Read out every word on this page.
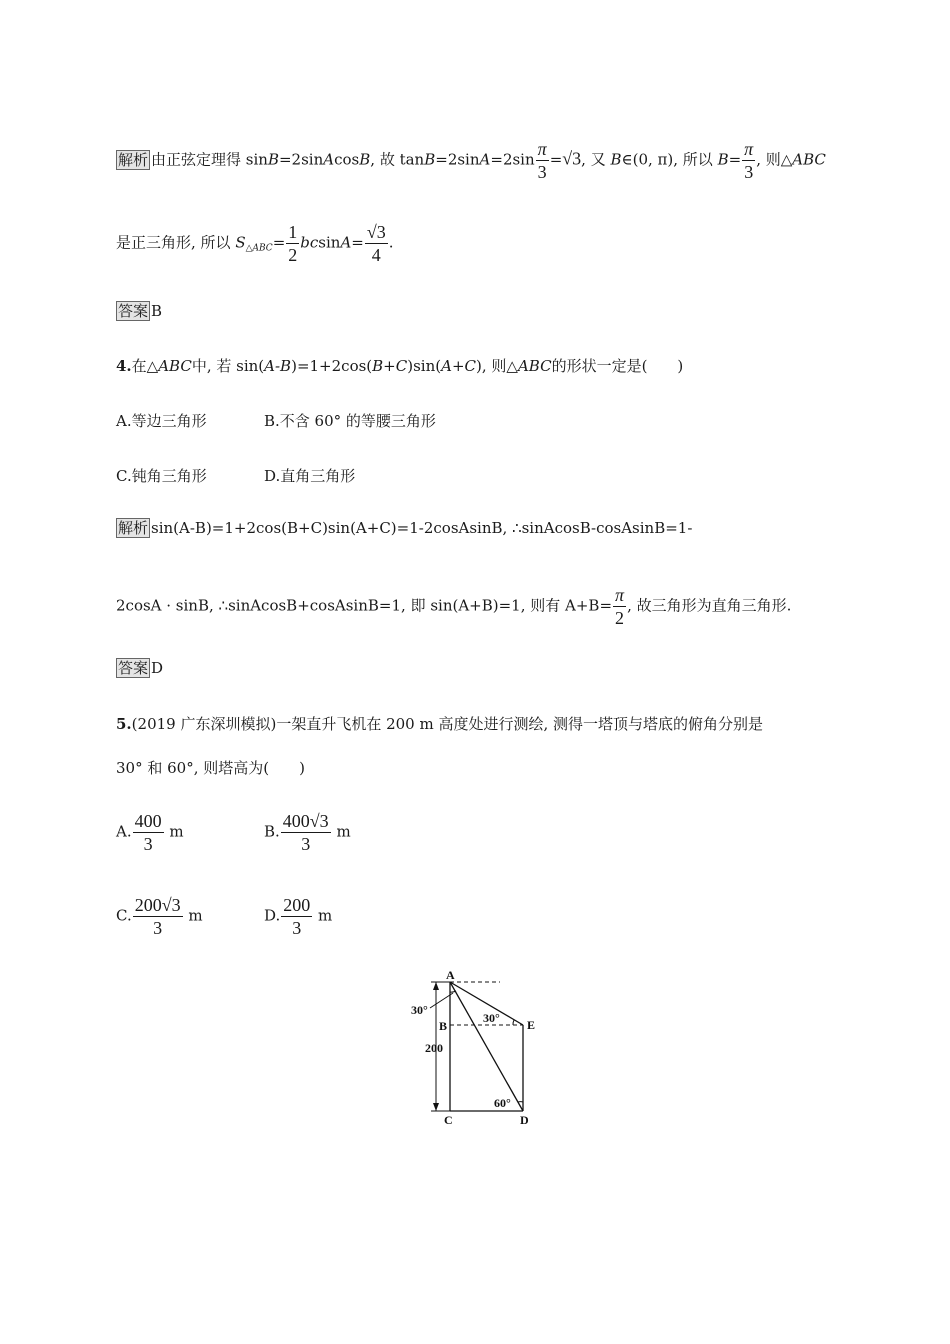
解析 由正弦定理得 sinB=2sinAcosB, 故 $\tan B=2\sin A=2\sin \frac{\pi}{3} =√3$, 又 B∈(0, π), 所以 $B= \frac{\pi}{3}$ , 则△ABC
是正三角形, 所以 $S_{\triangle ABC}= \frac{1}{2} bcsinA= \frac{√3}{4}$ .
答案 B
4.在△ABC中, 若 sin(A-B)=1+2cos(B+C)sin(A+C), 则△ABC的形状一定是(　　)
A.等边三角形	B.不含 60° 的等腰三角形
C.钝角三角形	D.直角三角形
解析 sin(A-B)=1+2cos(B+C)sin(A+C)=1-2cosAsinB, ∴sinAcosB-cosAsinB=1-
2cosA · sinB, ∴sinAcosB+cosAsinB=1, 即 sin(A+B)=1, 则有 $A+B= \frac{\pi}{2}$ , 故三角形为直角三角形.
答案 D
5.(2019 广东深圳模拟)一架直升飞机在 200 m 高度处进行测绘, 测得一塔顶与塔底的俯角分别是
30° 和 60°, 则塔高为(　　)
A. $\frac{400}{3}$ m	B. $\frac{400√3}{3}$ m
C. $\frac{200√3}{3}$ m	D. $\frac{200}{3}$ m
A
B
C	D
E
30°
30°
60°
200
